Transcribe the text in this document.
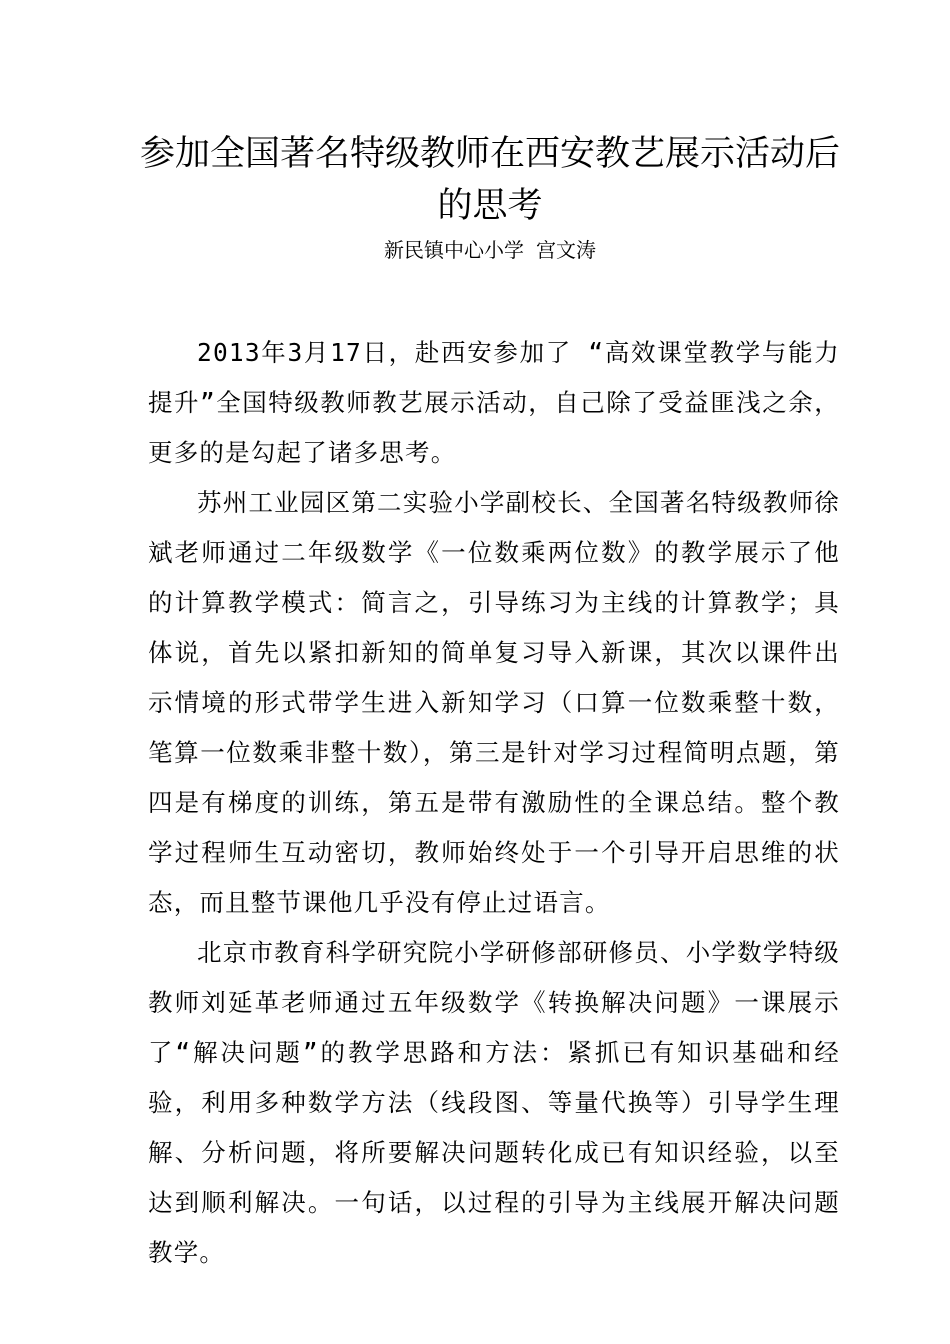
参加全国著名特级教师在西安教艺展示活动后的思考
新民镇中心小学 宫文涛

2013年3月17日，赴西安参加了 “高效课堂教学与能力提升”全国特级教师教艺展示活动，自己除了受益匪浅之余，更多的是勾起了诸多思考。

苏州工业园区第二实验小学副校长、全国著名特级教师徐斌老师通过二年级数学《一位数乘两位数》的教学展示了他的计算教学模式：简言之，引导练习为主线的计算教学；具体说，首先以紧扣新知的简单复习导入新课，其次以课件出示情境的形式带学生进入新知学习（口算一位数乘整十数，笔算一位数乘非整十数），第三是针对学习过程简明点题，第四是有梯度的训练，第五是带有激励性的全课总结。整个教学过程师生互动密切，教师始终处于一个引导开启思维的状态，而且整节课他几乎没有停止过语言。

北京市教育科学研究院小学研修部研修员、小学数学特级教师刘延革老师通过五年级数学《转换解决问题》一课展示了“解决问题”的教学思路和方法：紧抓已有知识基础和经验，利用多种数学方法（线段图、等量代换等）引导学生理解、分析问题，将所要解决问题转化成已有知识经验，以至达到顺利解决。一句话，以过程的引导为主线展开解决问题教学。
